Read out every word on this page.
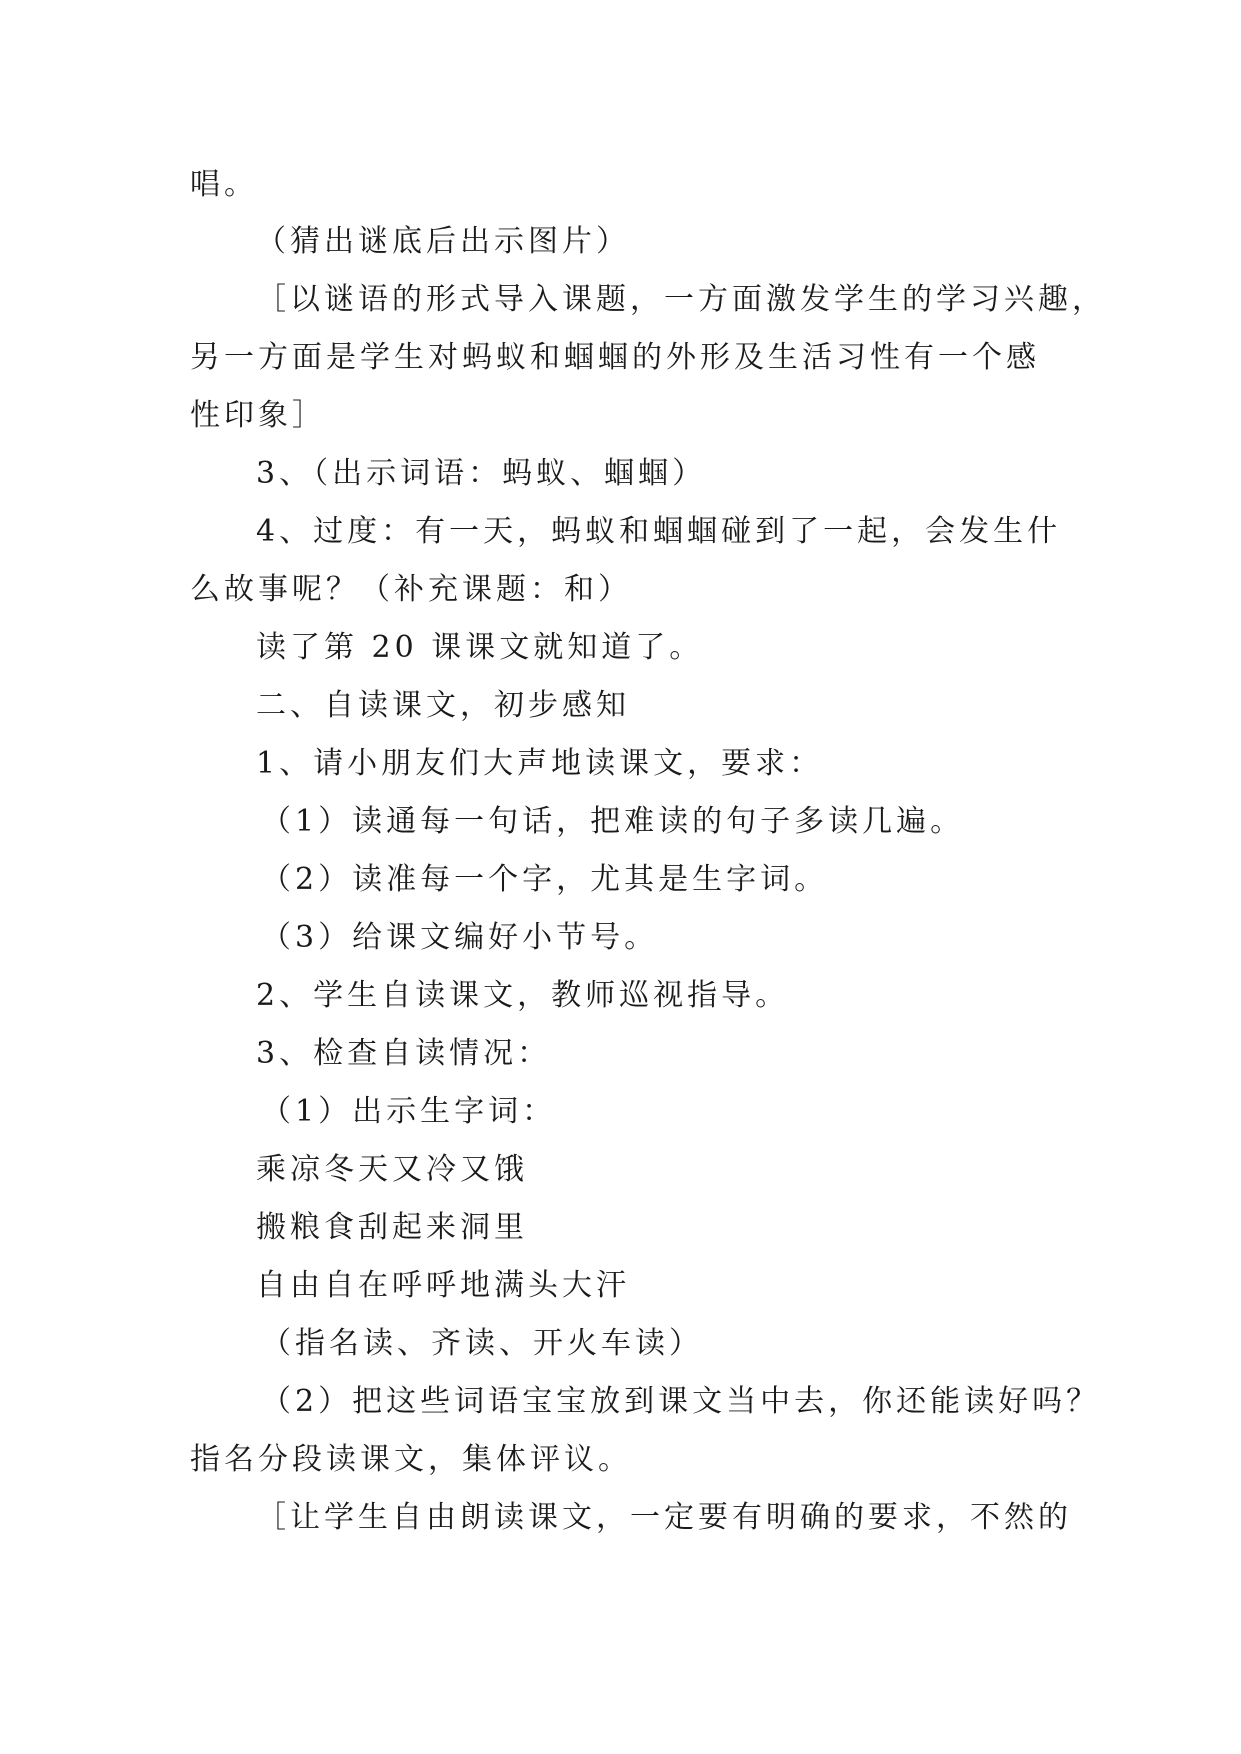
唱。
（猜出谜底后出示图片）
［以谜语的形式导入课题，一方面激发学生的学习兴趣，
另一方面是学生对蚂蚁和蝈蝈的外形及生活习性有一个感
性印象］
3、（出示词语：蚂蚁、蝈蝈）
4、过度：有一天，蚂蚁和蝈蝈碰到了一起，会发生什
么故事呢？（补充课题：和）
读了第 20 课课文就知道了。
二、自读课文，初步感知
1、请小朋友们大声地读课文，要求：
（1）读通每一句话，把难读的句子多读几遍。
（2）读准每一个字，尤其是生字词。
（3）给课文编好小节号。
2、学生自读课文，教师巡视指导。
3、检查自读情况：
（1）出示生字词：
乘凉冬天又冷又饿
搬粮食刮起来洞里
自由自在呼呼地满头大汗
（指名读、齐读、开火车读）
（2）把这些词语宝宝放到课文当中去，你还能读好吗？
指名分段读课文，集体评议。
［让学生自由朗读课文，一定要有明确的要求，不然的
